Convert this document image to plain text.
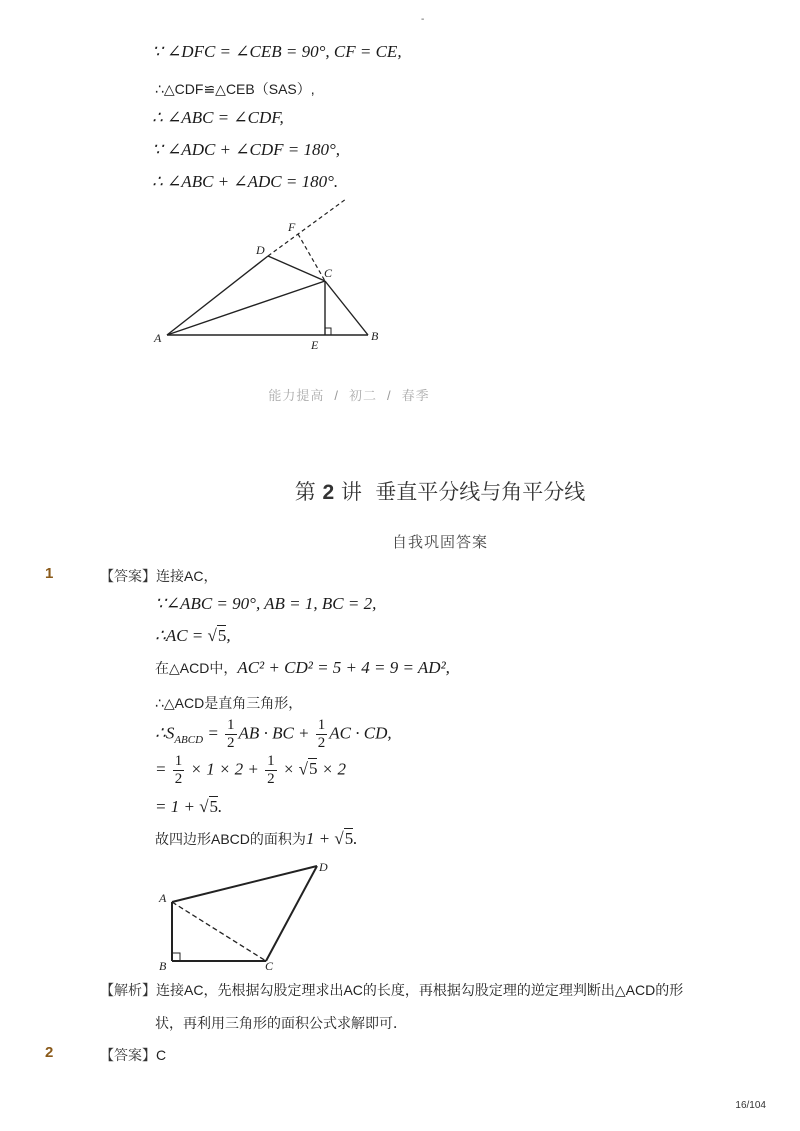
-
∵ ∠DFC = ∠CEB = 90°, CF = CE,
∴△CDF≌△CEB（SAS）,
∴ ∠ABC = ∠CDF,
∵ ∠ADC + ∠CDF = 180°,
∴ ∠ABC + ∠ADC = 180°.
A	B
C
D
E
F
能力提高 / 初二 / 春季
第 2 讲 垂直平分线与角平分线
自我巩固答案
1	【答案】连接AC，
∵∠ABC = 90°, AB = 1, BC = 2,
∴AC = √5,
在△ACD中，AC² + CD² = 5 + 4 = 9 = AD²,
∴△ACD是直角三角形，
$\therefore S_{ABCD} = \frac{1}{2}$ AB · BC + $\frac{1}{2}$ AC · CD,
= $\frac{1}{2} \times 1 \times 2 + \frac{1}{2} \times √5 \times 2$
= 1 + √5.
故四边形ABCD的面积为1 + √5.
A
B	C
D
【解析】连接AC，先根据勾股定理求出AC的长度，再根据勾股定理的逆定理判断出△ACD的形
状，再利用三角形的面积公式求解即可．
2	【答案】C
16/104
